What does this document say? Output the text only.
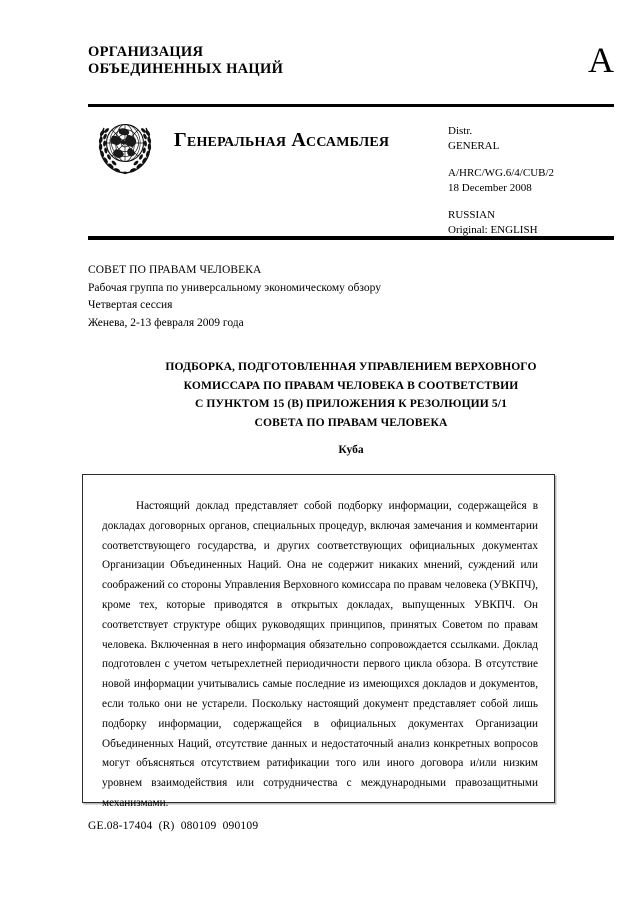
ОРГАНИЗАЦИЯ
ОБЪЕДИНЕННЫХ НАЦИЙ	A
Генеральная Ассамблея	Distr.
GENERAL
A/HRC/WG.6/4/CUB/2
18 December 2008
RUSSIAN
Original: ENGLISH
СОВЕТ ПО ПРАВАМ ЧЕЛОВЕКА
Рабочая группа по универсальному экономическому обзору
Четвертая сессия
Женева, 2-13 февраля 2009 года
ПОДБОРКА, ПОДГОТОВЛЕННАЯ УПРАВЛЕНИЕМ ВЕРХОВНОГО
КОМИССАРА ПО ПРАВАМ ЧЕЛОВЕКА В СООТВЕТСТВИИ
С ПУНКТОМ 15 (В) ПРИЛОЖЕНИЯ К РЕЗОЛЮЦИИ 5/1
СОВЕТА ПО ПРАВАМ ЧЕЛОВЕКА
Куба
Настоящий доклад представляет собой подборку информации, содержащейся в докладах договорных органов, специальных процедур, включая замечания и комментарии соответствующего государства, и других соответствующих официальных документах Организации Объединенных Наций. Она не содержит никаких мнений, суждений или соображений со стороны Управления Верховного комиссара по правам человека (УВКПЧ), кроме тех, которые приводятся в открытых докладах, выпущенных УВКПЧ. Он соответствует структуре общих руководящих принципов, принятых Советом по правам человека. Включенная в него информация обязательно сопровождается ссылками. Доклад подготовлен с учетом четырехлетней периодичности первого цикла обзора. В отсутствие новой информации учитывались самые последние из имеющихся докладов и документов, если только они не устарели. Поскольку настоящий документ представляет собой лишь подборку информации, содержащейся в официальных документах Организации Объединенных Наций, отсутствие данных и недостаточный анализ конкретных вопросов могут объясняться отсутствием ратификации того или иного договора и/или низким уровнем взаимодействия или сотрудничества с международными правозащитными механизмами.
GE.08-17404  (R)  080109  090109
